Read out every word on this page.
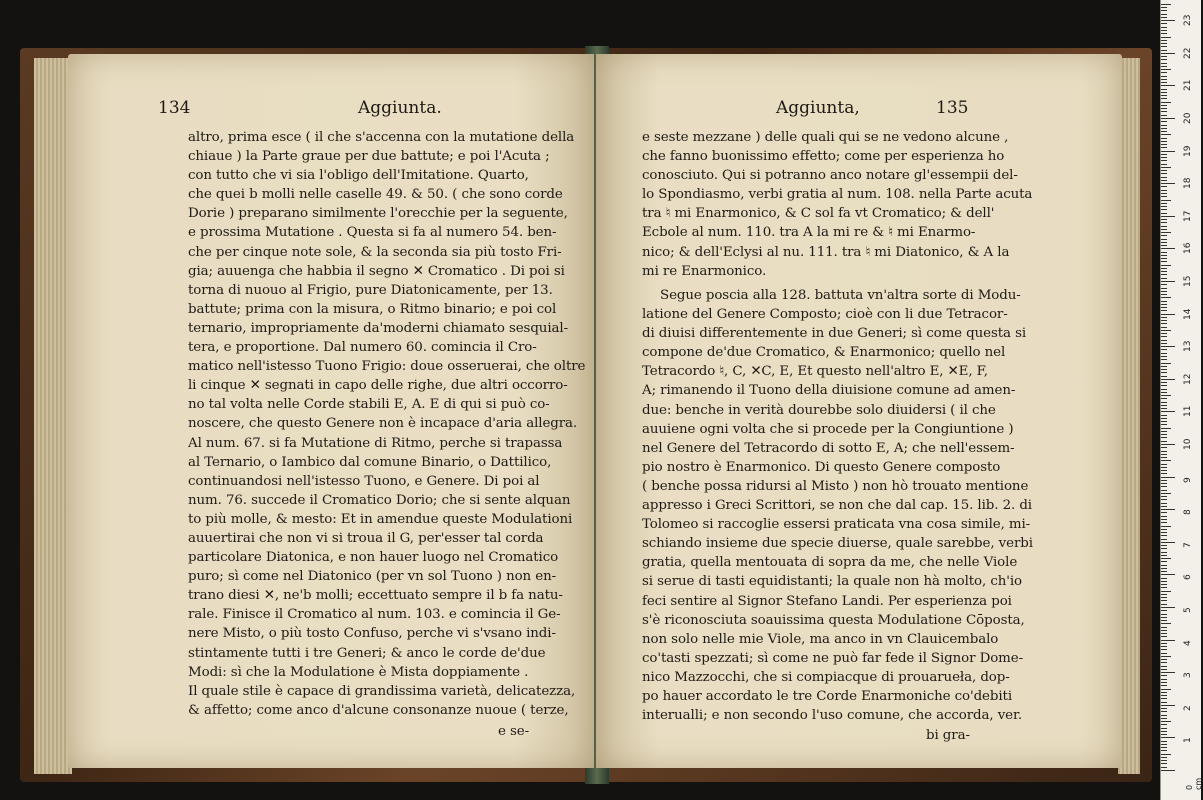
134	Aggiunta.
altro, prima esce ( il che s'accenna con la mutatione della
chiaue ) la Parte graue per due battute; e poi l'Acuta ;
con tutto che vi sia l'obligo dell'Imitatione. Quarto,
che quei b molli nelle caselle 49. & 50. ( che sono corde
Dorie ) preparano similmente l'orecchie per la seguente,
e prossima Mutatione . Questa si fa al numero 54. ben-
che per cinque note sole, & la seconda sia più tosto Fri-
gia; auuenga che habbia il segno ✕ Cromatico . Di poi si
torna di nuouo al Frigio, pure Diatonicamente, per 13.
battute; prima con la misura, o Ritmo binario; e poi col
ternario, impropriamente da'moderni chiamato sesquial-
tera, e proportione. Dal numero 60. comincia il Cro-
matico nell'istesso Tuono Frigio: doue osseruerai, che oltre
li cinque ✕ segnati in capo delle righe, due altri occorro-
no tal volta nelle Corde stabili E, A. E di qui si può co-
noscere, che questo Genere non è incapace d'aria allegra.
Al num. 67. si fa Mutatione di Ritmo, perche si trapassa
al Ternario, o Iambico dal comune Binario, o Dattilico,
continuandosi nell'istesso Tuono, e Genere. Di poi al
num. 76. succede il Cromatico Dorio; che si sente alquan
to più molle, & mesto: Et in amendue queste Modulationi
auuertirai che non vi si troua il G, per'esser tal corda
particolare Diatonica, e non hauer luogo nel Cromatico
puro; sì come nel Diatonico (per vn sol Tuono ) non en-
trano diesi ✕, ne'b molli; eccettuato sempre il b fa natu-
rale. Finisce il Cromatico al num. 103. e comincia il Ge-
nere Misto, o più tosto Confuso, perche vi s'vsano indi-
stintamente tutti i tre Generi; & anco le corde de'due
Modi: sì che la Modulatione è Mista doppiamente .
Il quale stile è capace di grandissima varietà, delicatezza,
& affetto; come anco d'alcune consonanze nuoue ( terze,
e se-
Aggiunta,	135
e seste mezzane ) delle quali qui se ne vedono alcune ,
che fanno buonissimo effetto; come per esperienza ho
conosciuto. Qui si potranno anco notare gl'essempii del-
lo Spondiasmo, verbi gratia al num. 108. nella Parte acuta
tra ♮ mi Enarmonico, & C sol fa vt Cromatico; & dell'
Ecbole al num. 110. tra A la mi re & ♮ mi Enarmo-
nico; & dell'Eclysi al nu. 111. tra ♮ mi Diatonico, & A la
mi re Enarmonico.
Segue poscia alla 128. battuta vn'altra sorte di Modu-
latione del Genere Composto; cioè con li due Tetracor-
di diuisi differentemente in due Generi; sì come questa si
compone de'due Cromatico, & Enarmonico; quello nel
Tetracordo ♮, C, ✕C, E, Et questo nell'altro E, ✕E, F,
A; rimanendo il Tuono della diuisione comune ad amen-
due: benche in verità dourebbe solo diuidersi ( il che
auuiene ogni volta che si procede per la Congiuntione )
nel Genere del Tetracordo di sotto E, A; che nell'essem-
pio nostro è Enarmonico. Di questo Genere composto
( benche possa ridursi al Misto ) non hò trouato mentione
appresso i Greci Scrittori, se non che dal cap. 15. lib. 2. di
Tolomeo si raccoglie essersi praticata vna cosa simile, mi-
schiando insieme due specie diuerse, quale sarebbe, verbi
gratia, quella mentouata di sopra da me, che nelle Viole
si serue di tasti equidistanti; la quale non hà molto, ch'io
feci sentire al Signor Stefano Landi. Per esperienza poi
s'è riconosciuta soauissima questa Modulatione Cōposta,
non solo nelle mie Viole, ma anco in vn Clauicembalo
co'tasti spezzati; sì come ne può far fede il Signor Dome-
nico Mazzocchi, che si compiacque di prouarueła, dop-
po hauer accordato le tre Corde Enarmoniche co'debiti
interualli; e non secondo l'uso comune, che accorda, ver.
bi gra-
0 cm
1
2
3
4
5
6
7
8
9
10
11
12
13
14
15
16
17
18
19
20
21
22
23
